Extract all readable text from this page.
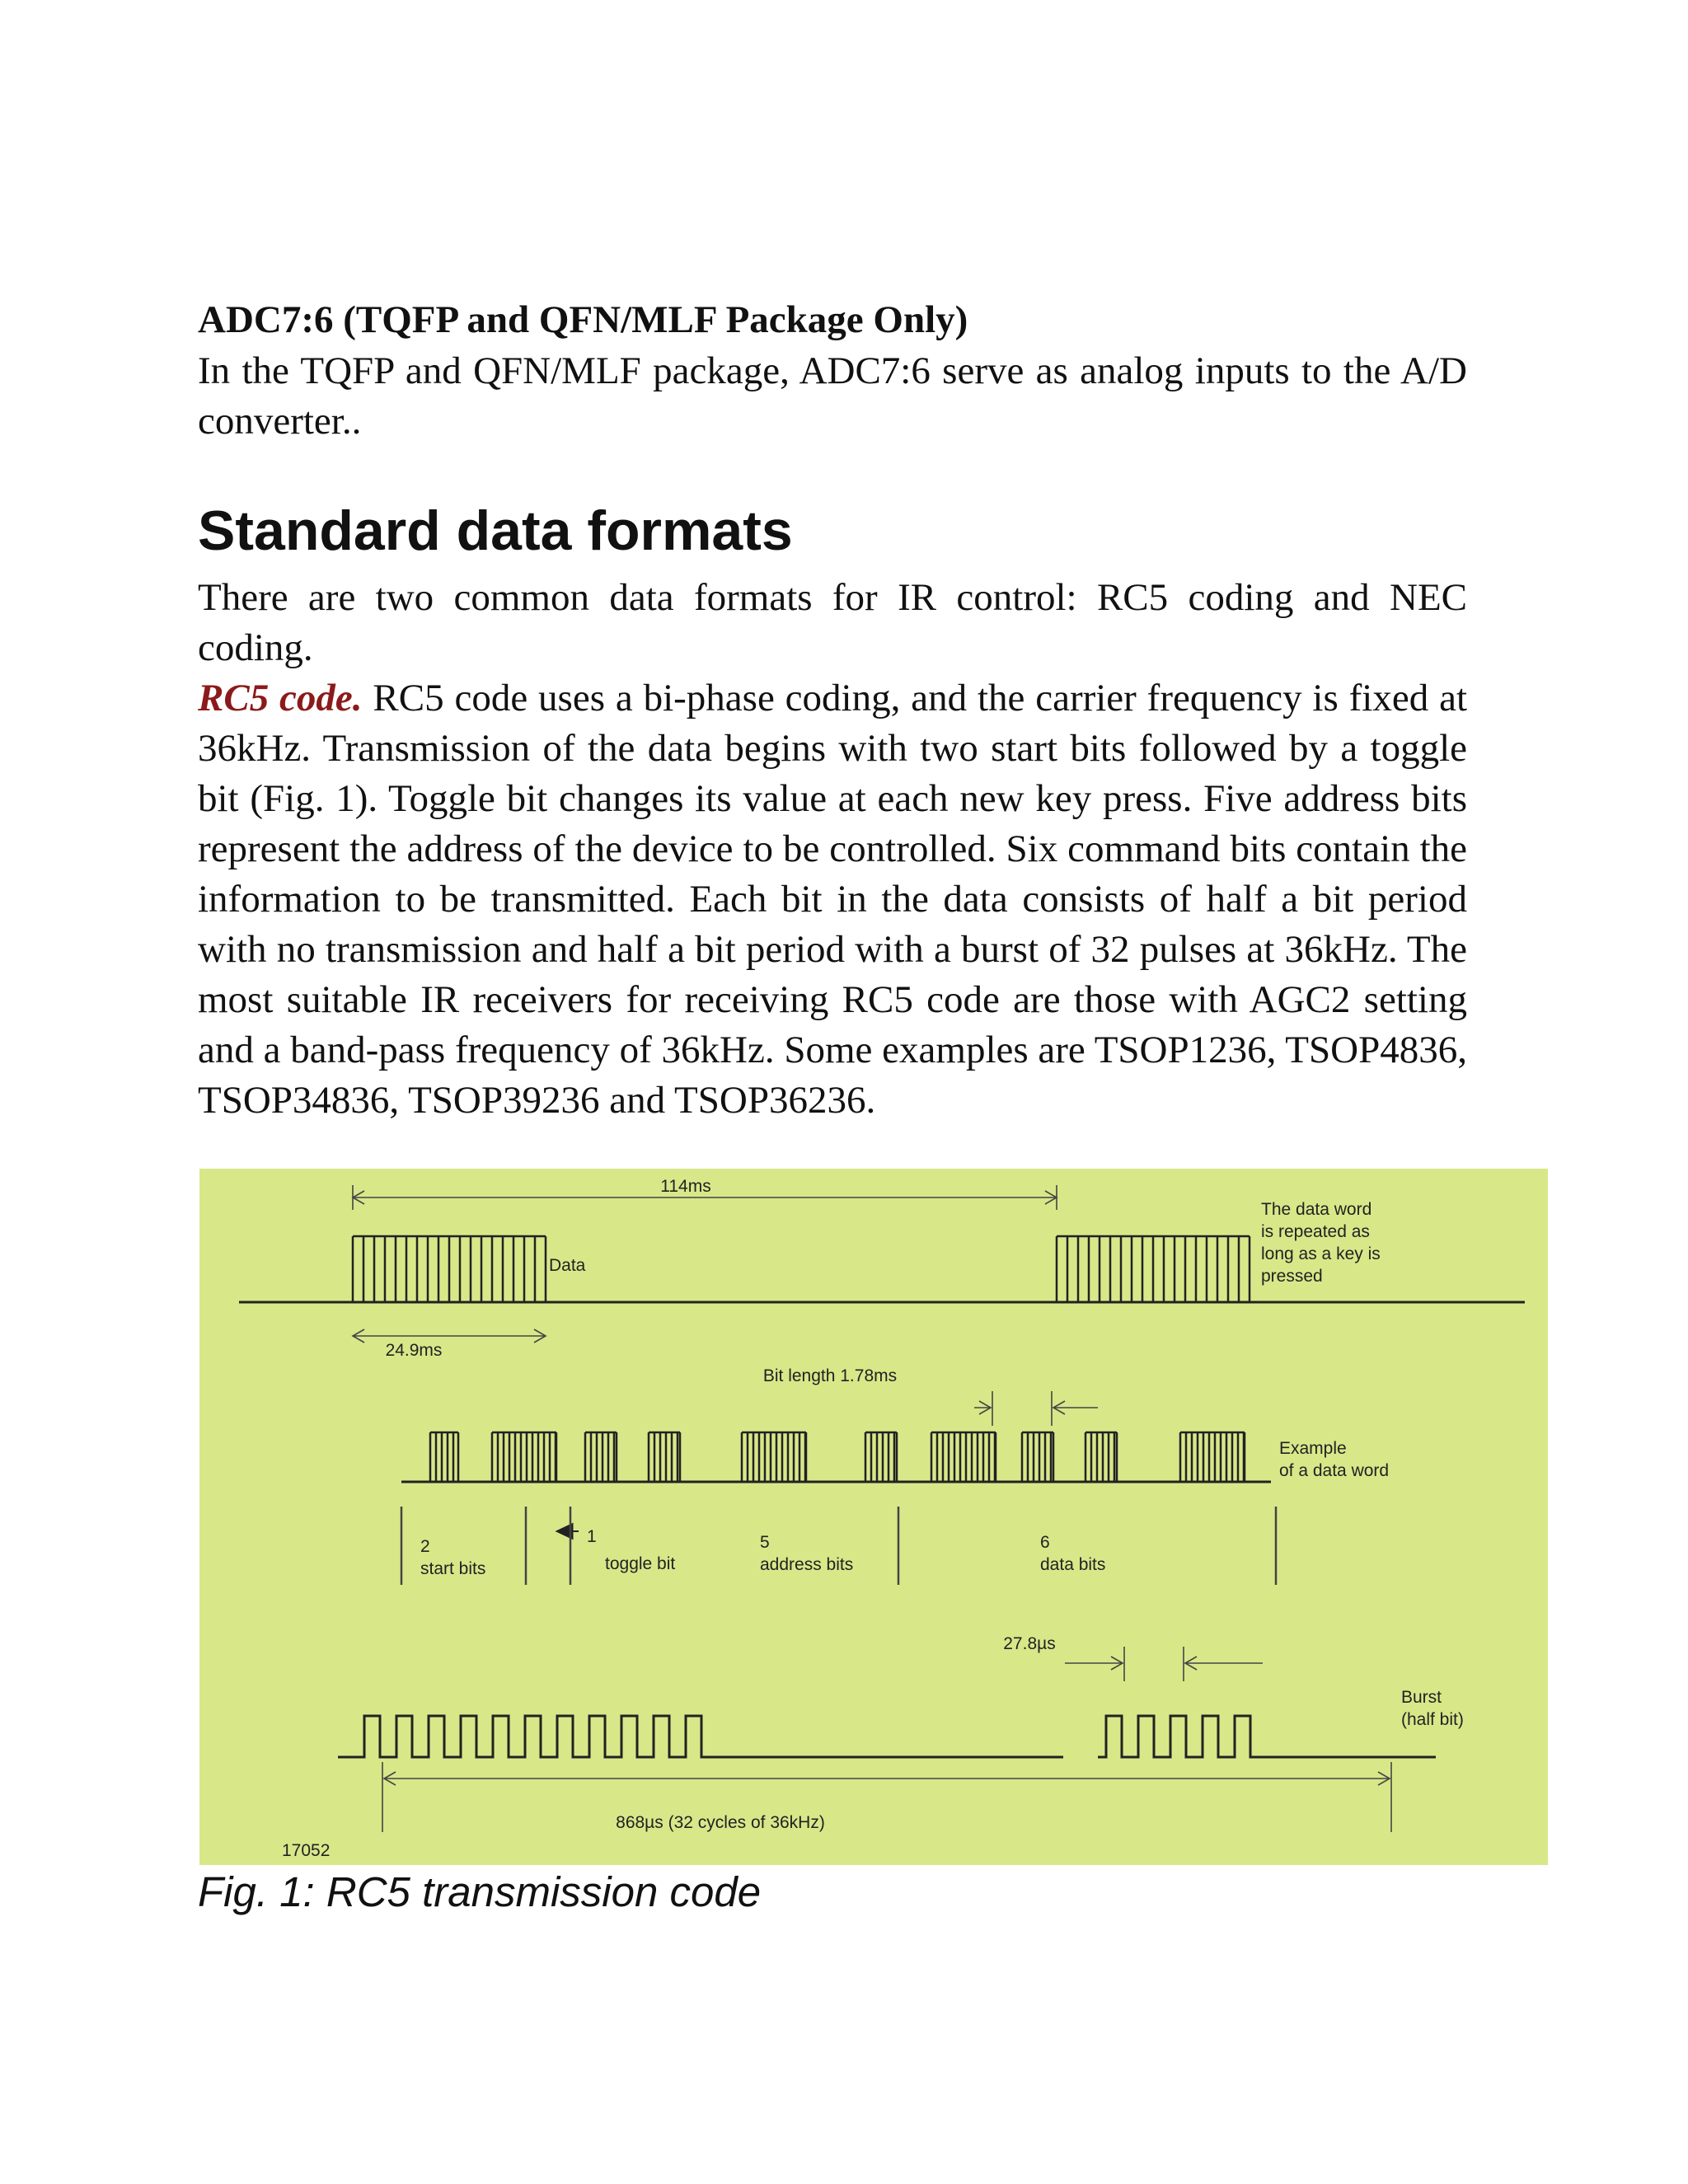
ADC7:6 (TQFP and QFN/MLF Package Only)

In the TQFP and QFN/MLF package, ADC7:6 serve as analog inputs to the A/D converter..

Standard data formats

There are two common data formats for IR control: RC5 coding and NEC coding.

RC5 code. RC5 code uses a bi-phase coding, and the carrier frequency is fixed at 36kHz. Transmission of the data begins with two start bits followed by a toggle bit (Fig. 1). Toggle bit changes its value at each new key press. Five address bits represent the address of the device to be controlled. Six command bits contain the information to be transmitted. Each bit in the data consists of half a bit period with no transmission and half a bit period with a burst of 32 pulses at 36kHz. The most suitable IR receivers for receiving RC5 code are those with AGC2 setting and a band-pass frequency of 36kHz. Some examples are TSOP1236, TSOP4836, TSOP34836, TSOP39236 and TSOP36236.

114ms
Data
The data word
is repeated as
long as a key is
pressed
24.9ms
Bit length 1.78ms
Example
of a data word
2
start bits
1
toggle bit
5
address bits
6
data bits
27.8µs
Burst
(half bit)
868µs (32 cycles of 36kHz)
17052

Fig. 1: RC5 transmission code
